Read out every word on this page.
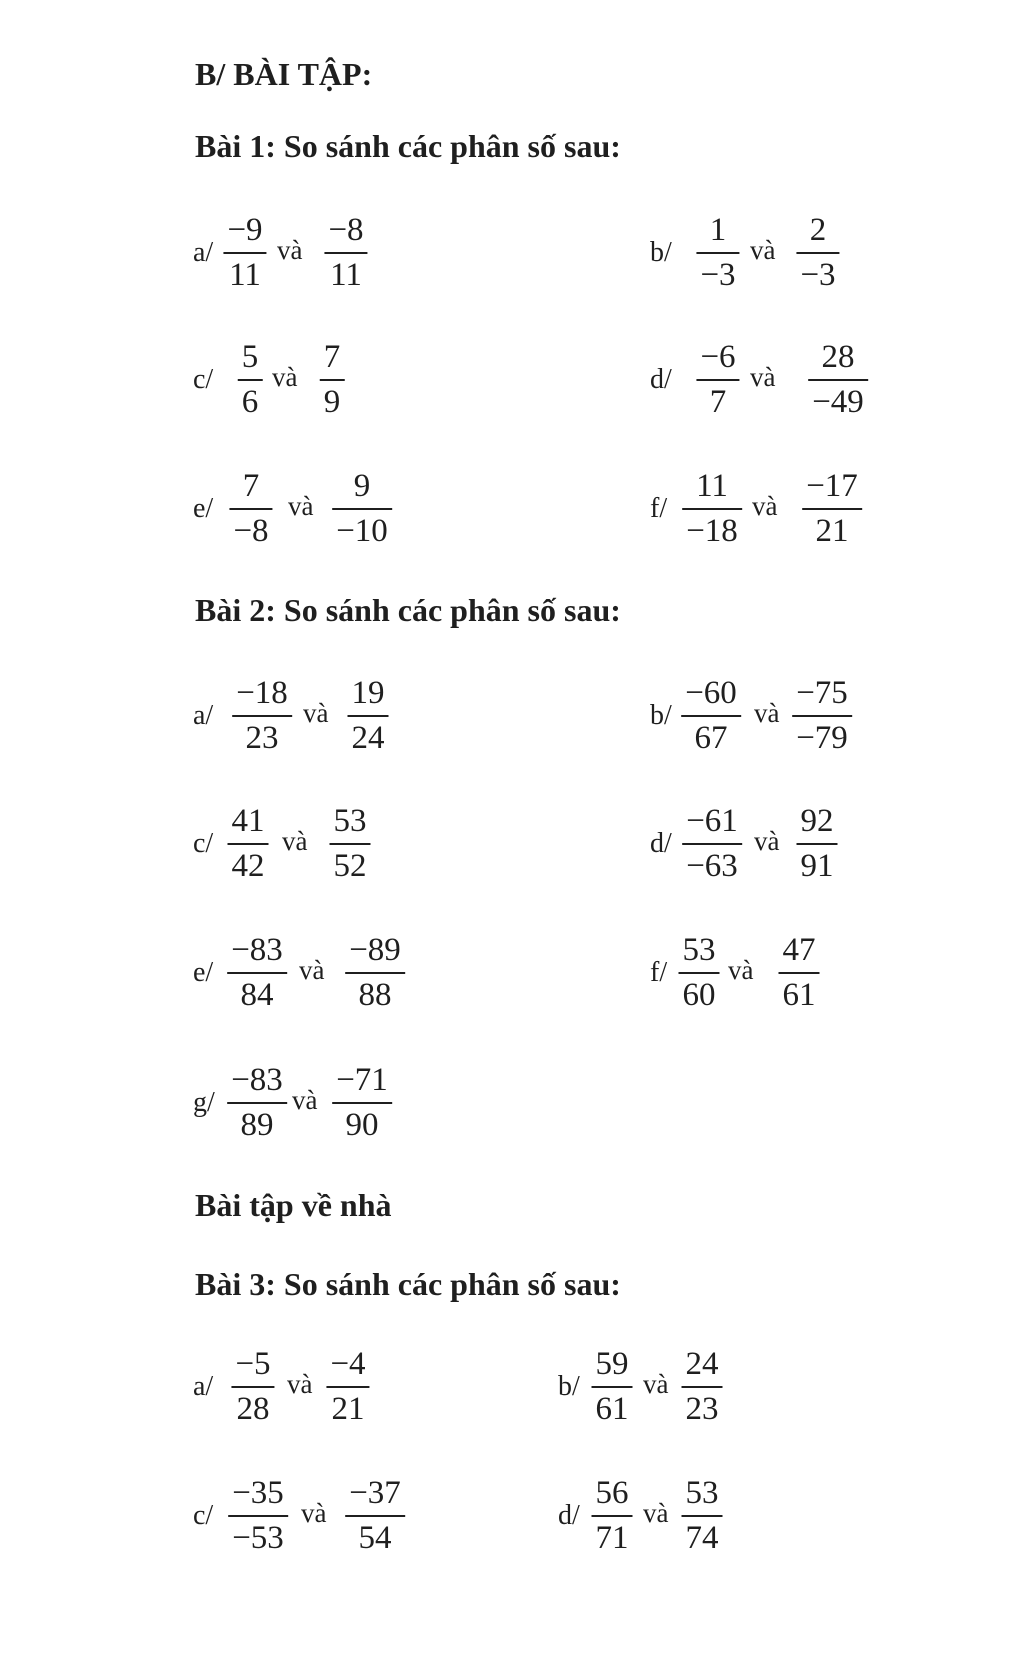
B/ BÀI TẬP:
Bài 1: So sánh các phân số sau:
Bài 2: So sánh các phân số sau:
Bài tập về nhà
Bài 3: So sánh các phân số sau:
a/
−9
11
và
−8
11
b/
1
−3
và
2
−3
c/
5
6
và
7
9
d/
−6
7
và
28
−49
e/
7
−8
và
9
−10
f/
11
−18
và
−17
21
a/
−18
23
và
19
24
b/
−60
67
và
−75
−79
c/
41
42
và
53
52
d/
−61
−63
và
92
91
e/
−83
84
và
−89
88
f/
53
60
và
47
61
g/
−83
89
và
−71
90
a/
−5
28
và
−4
21
b/
59
61
và
24
23
c/
−35
−53
và
−37
54
d/
56
71
và
53
74
